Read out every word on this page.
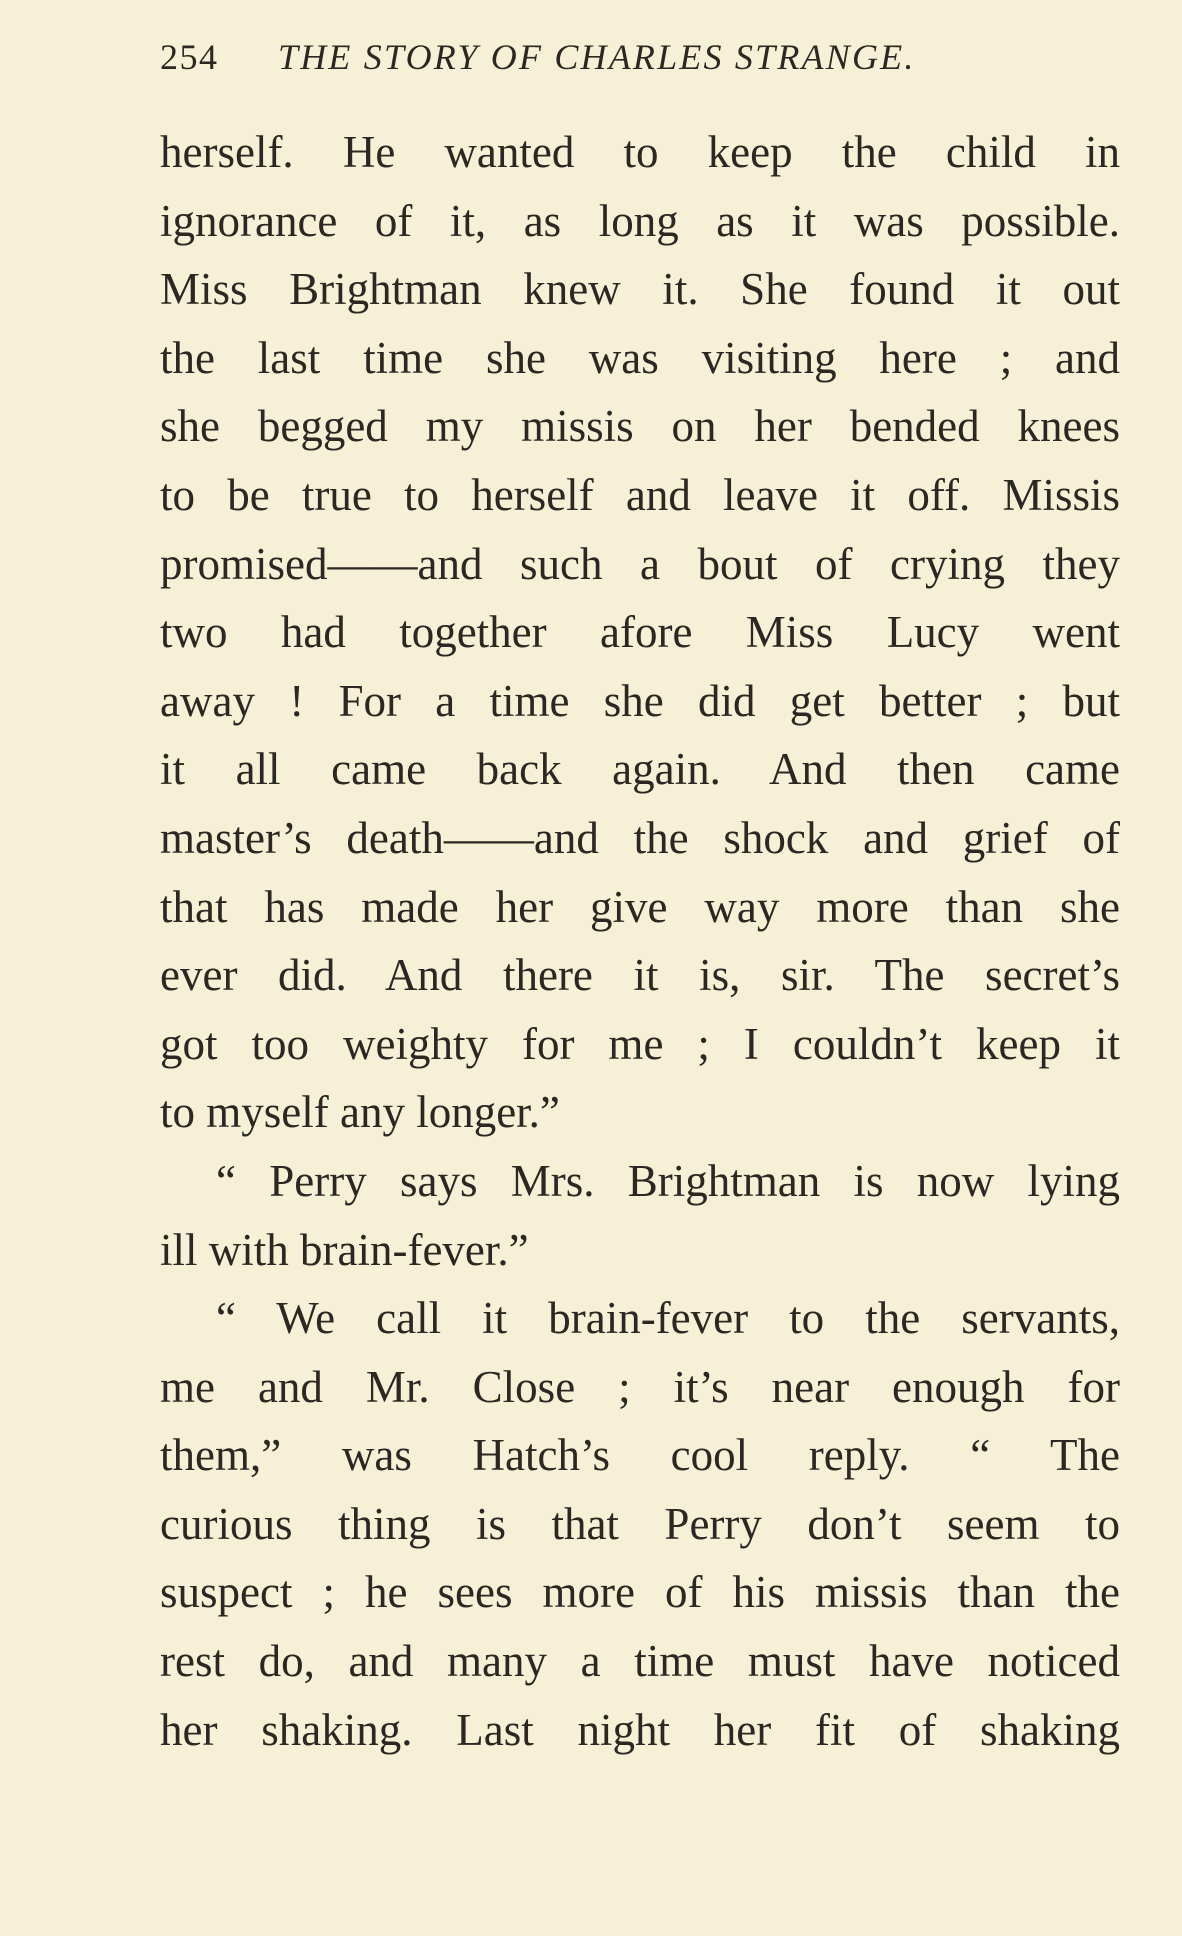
254 THE STORY OF CHARLES STRANGE.
herself. He wanted to keep the child in
ignorance of it, as long as it was possible.
Miss Brightman knew it. She found it out
the last time she was visiting here ; and
she begged my missis on her bended knees
to be true to herself and leave it off. Missis
promised——and such a bout of crying they
two had together afore Miss Lucy went
away ! For a time she did get better ; but
it all came back again. And then came
master’s death——and the shock and grief of
that has made her give way more than she
ever did. And there it is, sir. The secret’s
got too weighty for me ; I couldn’t keep it
to myself any longer.”
“ Perry says Mrs. Brightman is now lying
ill with brain-fever.”
“ We call it brain-fever to the servants,
me and Mr. Close ; it’s near enough for
them,” was Hatch’s cool reply. “ The
curious thing is that Perry don’t seem to
suspect ; he sees more of his missis than the
rest do, and many a time must have noticed
her shaking. Last night her fit of shaking
